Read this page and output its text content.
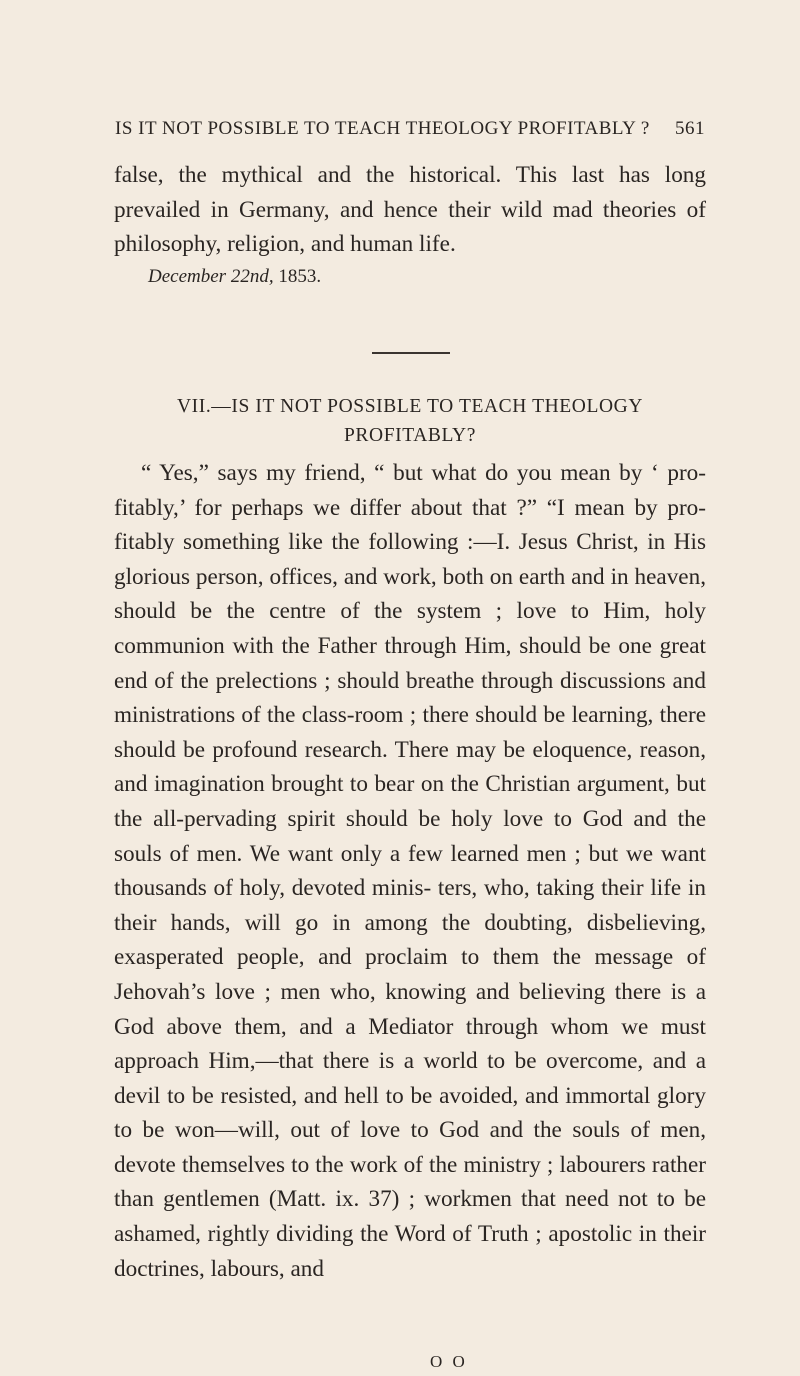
IS IT NOT POSSIBLE TO TEACH THEOLOGY PROFITABLY ? 561

false, the mythical and the historical. This last has long prevailed in Germany, and hence their wild mad theories of philosophy, religion, and human life.

December 22nd, 1853.

VII.—IS IT NOT POSSIBLE TO TEACH THEOLOGY
PROFITABLY?

“ Yes,” says my friend, “ but what do you mean by ‘ pro- fitably,’ for perhaps we differ about that ?” “I mean by pro- fitably something like the following :—I. Jesus Christ, in His glorious person, offices, and work, both on earth and in heaven, should be the centre of the system ; love to Him, holy communion with the Father through Him, should be one great end of the prelections ; should breathe through discussions and ministrations of the class-room ; there should be learning, there should be profound research. There may be eloquence, reason, and imagination brought to bear on the Christian argument, but the all-pervading spirit should be holy love to God and the souls of men. We want only a few learned men ; but we want thousands of holy, devoted minis- ters, who, taking their life in their hands, will go in among the doubting, disbelieving, exasperated people, and proclaim to them the message of Jehovah’s love ; men who, knowing and believing there is a God above them, and a Mediator through whom we must approach Him,—that there is a world to be overcome, and a devil to be resisted, and hell to be avoided, and immortal glory to be won—will, out of love to God and the souls of men, devote themselves to the work of the ministry ; labourers rather than gentlemen (Matt. ix. 37) ; workmen that need not to be ashamed, rightly dividing the Word of Truth ; apostolic in their doctrines, labours, and

O O
